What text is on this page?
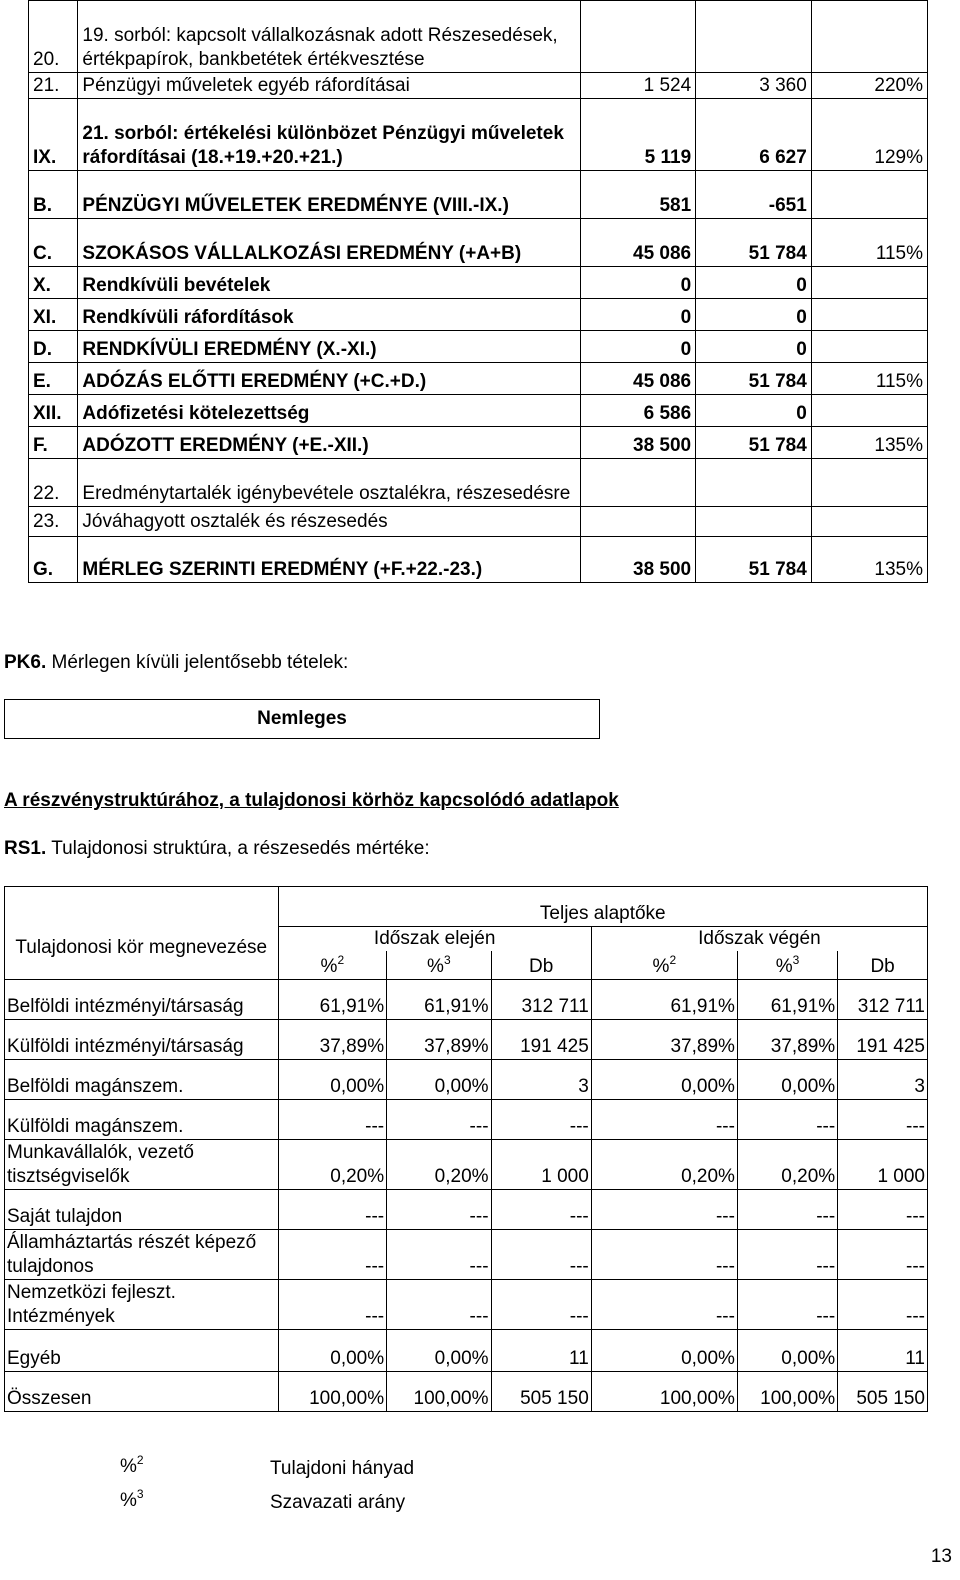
20.	19. sorból: kapcsolt vállalkozásnak adott Részesedések, értékpapírok, bankbetétek értékvesztése			
21.	Pénzügyi műveletek egyéb ráfordításai	1 524	3 360	220%
IX.	21. sorból: értékelési különbözet Pénzügyi műveletek ráfordításai (18.+19.+20.+21.)	5 119	6 627	129%
B.	PÉNZÜGYI MŰVELETEK EREDMÉNYE (VIII.-IX.)	581	-651	
C.	SZOKÁSOS VÁLLALKOZÁSI EREDMÉNY (+A+B)	45 086	51 784	115%
X.	Rendkívüli bevételek	0	0	
XI.	Rendkívüli ráfordítások	0	0	
D.	RENDKÍVÜLI EREDMÉNY (X.-XI.)	0	0	
E.	ADÓZÁS ELŐTTI EREDMÉNY (+C.+D.)	45 086	51 784	115%
XII.	Adófizetési kötelezettség	6 586	0	
F.	ADÓZOTT EREDMÉNY (+E.-XII.)	38 500	51 784	135%
22.	Eredménytartalék igénybevétele osztalékra, részesedésre			
23.	Jóváhagyott osztalék és részesedés			

G.	MÉRLEG SZERINTI EREDMÉNY (+F.+22.-23.)	38 500	51 784	135%
PK6. Mérlegen kívüli jelentősebb tételek:
Nemleges
A részvénystruktúrához, a tulajdonosi körhöz kapcsolódó adatlapok
RS1. Tulajdonosi struktúra, a részesedés mértéke:
Tulajdonosi kör megnevezése	Teljes alaptőke					
	Időszak elején			Időszak végén		
	%$^2$	%$^3$	Db	%$^2$	%$^3$	Db
Belföldi intézményi/társaság	61,91%	61,91%	312 711	61,91%	61,91%	312 711
Külföldi intézményi/társaság	37,89%	37,89%	191 425	37,89%	37,89%	191 425
Belföldi magánszem.	0,00%	0,00%	3	0,00%	0,00%	3
Külföldi magánszem.	---	---	---	---	---	---
Munkavállalók, vezető tisztségviselők	0,20%	0,20%	1 000	0,20%	0,20%	1 000
Saját tulajdon	---	---	---	---	---	---
Államháztartás részét képező tulajdonos	---	---	---	---	---	---
Nemzetközi fejleszt. Intézmények	---	---	---	---	---	---
Egyéb	0,00%	0,00%	11	0,00%	0,00%	11
Összesen	100,00%	100,00%	505 150	100,00%	100,00%	505 150
%$^2$	Tulajdoni hányad
%$^3$	Szavazati arány
13
